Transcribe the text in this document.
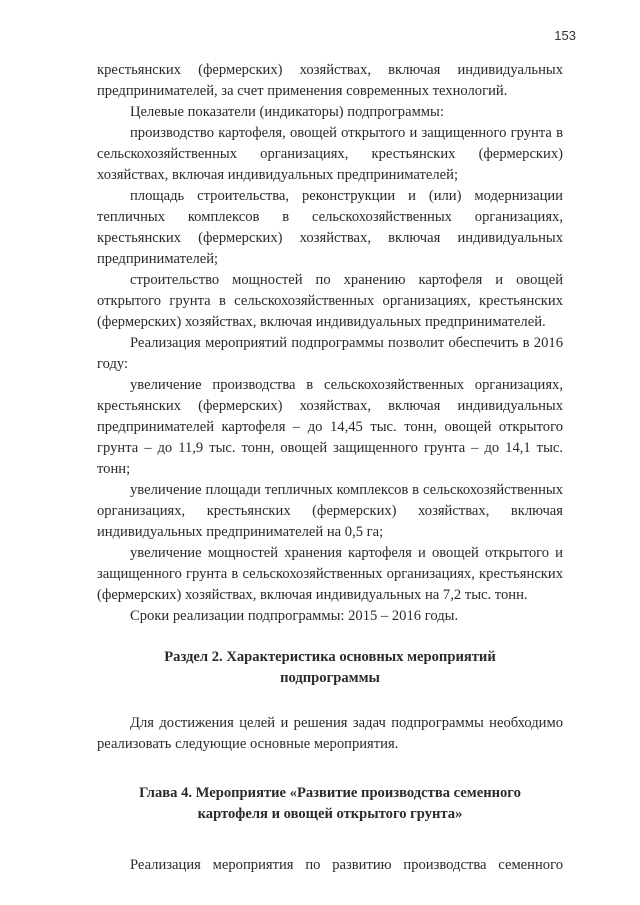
153

крестьянских (фермерских) хозяйствах, включая индивидуальных предпринимателей, за счет применения современных технологий.

Целевые показатели (индикаторы) подпрограммы:

производство картофеля, овощей открытого и защищенного грунта в сельскохозяйственных организациях, крестьянских (фермерских) хозяйствах, включая индивидуальных предпринимателей;

площадь строительства, реконструкции и (или) модернизации тепличных комплексов в сельскохозяйственных организациях, крестьянских (фермерских) хозяйствах, включая индивидуальных предпринимателей;

строительство мощностей по хранению картофеля и овощей открытого грунта в сельскохозяйственных организациях, крестьянских (фермерских) хозяйствах, включая индивидуальных предпринимателей.

Реализация мероприятий подпрограммы позволит обеспечить в 2016 году:

увеличение производства в сельскохозяйственных организациях, крестьянских (фермерских) хозяйствах, включая индивидуальных предпринимателей картофеля – до 14,45 тыс. тонн, овощей открытого грунта – до 11,9 тыс. тонн, овощей защищенного грунта – до 14,1 тыс. тонн;

увеличение площади тепличных комплексов в сельскохозяйственных организациях, крестьянских (фермерских) хозяйствах, включая индивидуальных предпринимателей на 0,5 га;

увеличение мощностей хранения картофеля и овощей открытого и защищенного грунта в сельскохозяйственных организациях, крестьянских (фермерских) хозяйствах, включая индивидуальных на 7,2 тыс. тонн.

Сроки реализации подпрограммы: 2015 – 2016 годы.

Раздел 2. Характеристика основных мероприятий
подпрограммы

Для достижения целей и решения задач подпрограммы необходимо реализовать следующие основные мероприятия.

Глава 4. Мероприятие «Развитие производства семенного
картофеля и овощей открытого грунта»

Реализация мероприятия по развитию производства семенного
